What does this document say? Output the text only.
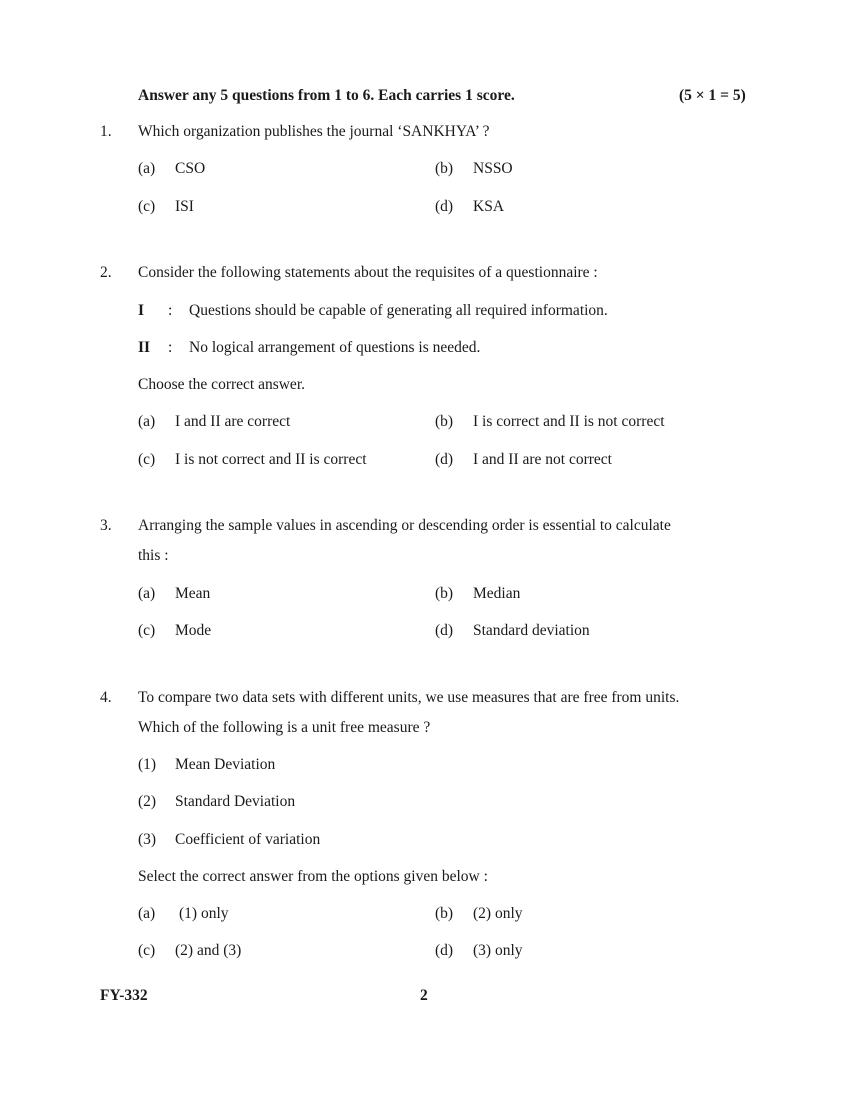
Answer any 5 questions from 1 to 6. Each carries 1 score.	(5 × 1 = 5)
1. Which organization publishes the journal ‘SANKHYA’ ?
(a) CSO	(b) NSSO
(c) ISI	(d) KSA
2. Consider the following statements about the requisites of a questionnaire :
I : Questions should be capable of generating all required information.
II : No logical arrangement of questions is needed.
Choose the correct answer.
(a) I and II are correct	(b) I is correct and II is not correct
(c) I is not correct and II is correct	(d) I and II are not correct
3. Arranging the sample values in ascending or descending order is essential to calculate
this :
(a) Mean	(b) Median
(c) Mode	(d) Standard deviation
4. To compare two data sets with different units, we use measures that are free from units.
Which of the following is a unit free measure ?
(1) Mean Deviation
(2) Standard Deviation
(3) Coefficient of variation
Select the correct answer from the options given below :
(a) (1) only	(b) (2) only
(c) (2) and (3)	(d) (3) only
FY-332	2
